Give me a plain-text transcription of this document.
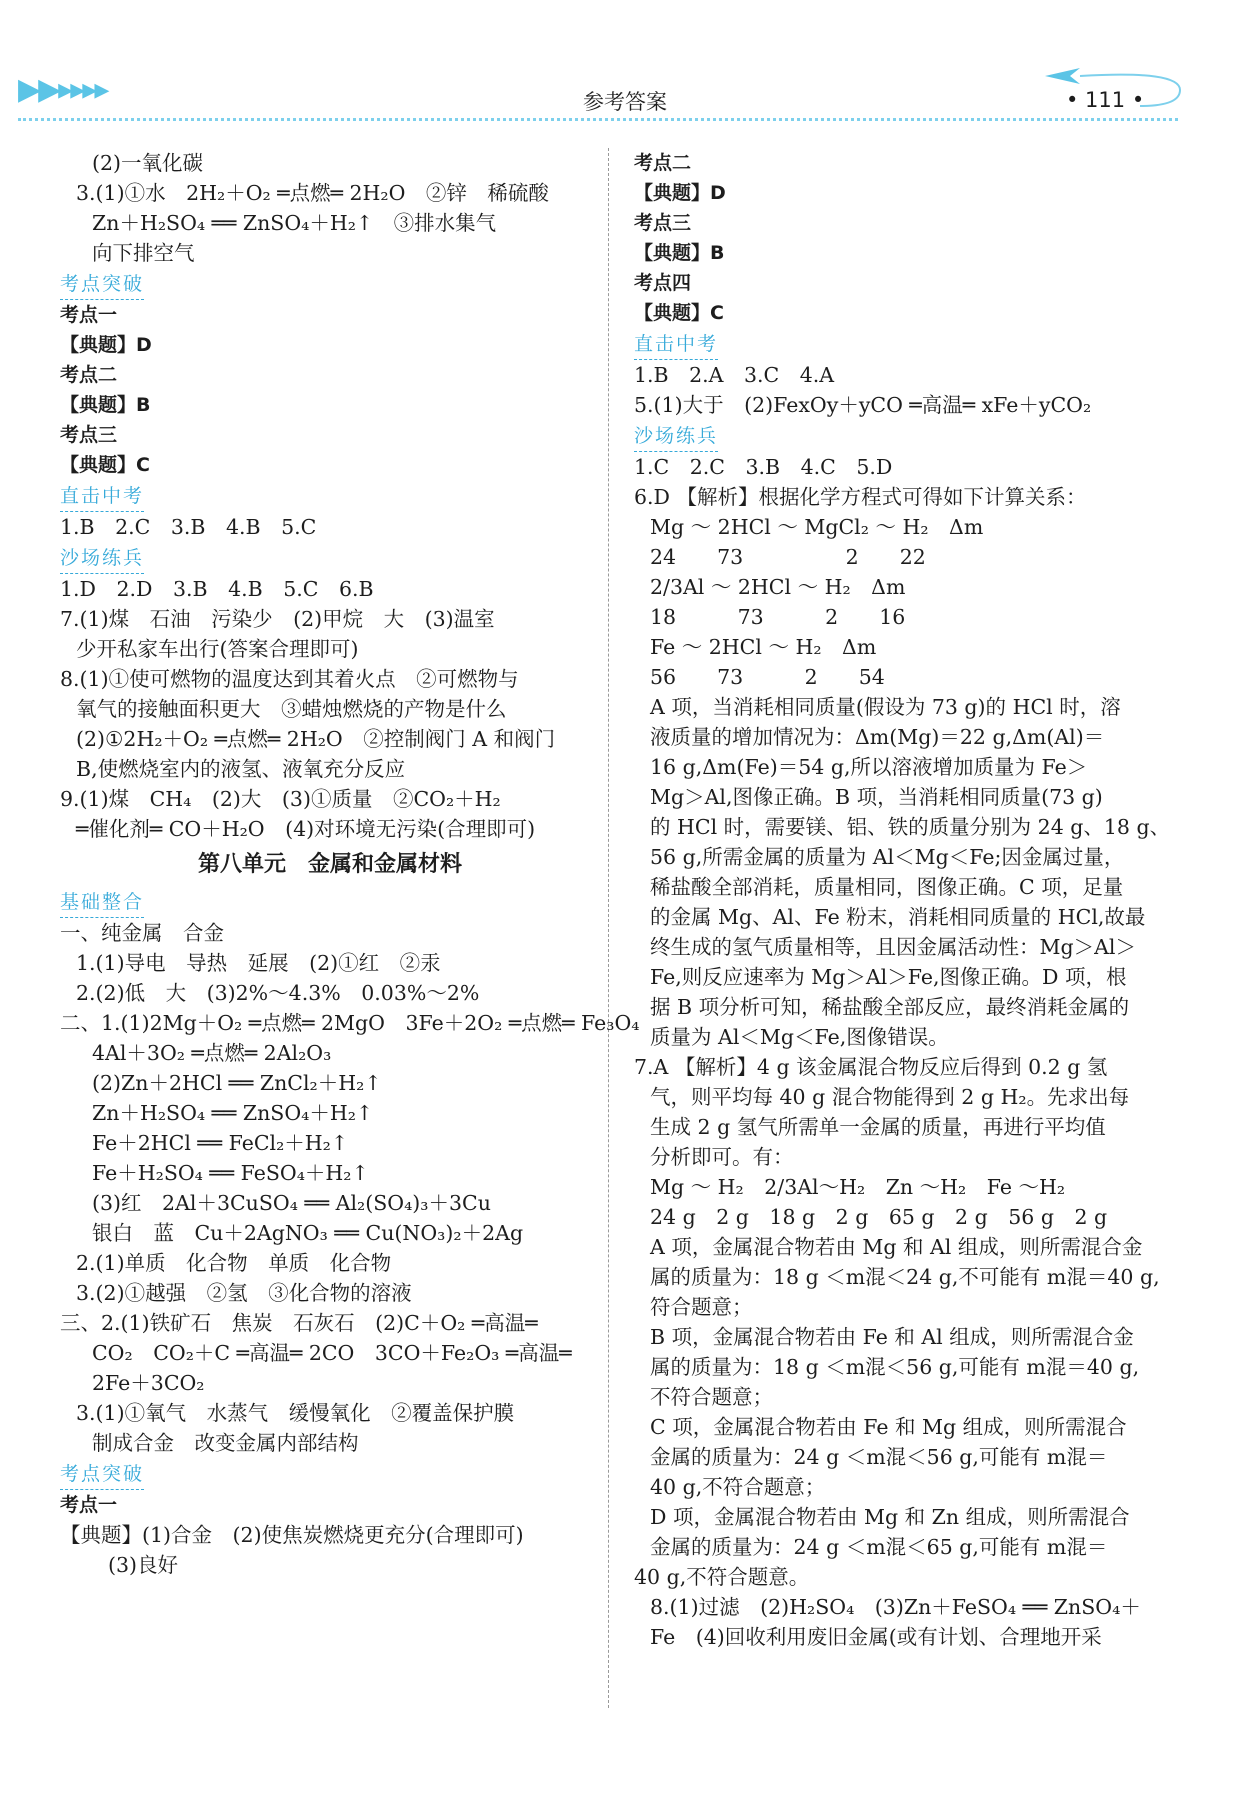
▶▶▸▸▸▸	参考答案	• 111 •
(2)一氧化碳
3.(1)①水　2H₂＋O₂ ═点燃═ 2H₂O　②锌　稀硫酸
Zn＋H₂SO₄ ══ ZnSO₄＋H₂↑　③排水集气
向下排空气
考点突破
考点一
【典题】D
考点二
【典题】B
考点三
【典题】C
直击中考
1.B　2.C　3.B　4.B　5.C
沙场练兵
1.D　2.D　3.B　4.B　5.C　6.B
7.(1)煤　石油　污染少　(2)甲烷　大　(3)温室
少开私家车出行(答案合理即可)
8.(1)①使可燃物的温度达到其着火点　②可燃物与
氧气的接触面积更大　③蜡烛燃烧的产物是什么
(2)①2H₂＋O₂ ═点燃═ 2H₂O　②控制阀门 A 和阀门
B,使燃烧室内的液氢、液氧充分反应
9.(1)煤　CH₄　(2)大　(3)①质量　②CO₂＋H₂
═催化剂═ CO＋H₂O　(4)对环境无污染(合理即可)
第八单元　金属和金属材料
基础整合
一、纯金属　合金
1.(1)导电　导热　延展　(2)①红　②汞
2.(2)低　大　(3)2%～4.3%　0.03%～2%
二、1.(1)2Mg＋O₂ ═点燃═ 2MgO　3Fe＋2O₂ ═点燃═ Fe₃O₄
4Al＋3O₂ ═点燃═ 2Al₂O₃
(2)Zn＋2HCl ══ ZnCl₂＋H₂↑
Zn＋H₂SO₄ ══ ZnSO₄＋H₂↑
Fe＋2HCl ══ FeCl₂＋H₂↑
Fe＋H₂SO₄ ══ FeSO₄＋H₂↑
(3)红　2Al＋3CuSO₄ ══ Al₂(SO₄)₃＋3Cu
银白　蓝　Cu＋2AgNO₃ ══ Cu(NO₃)₂＋2Ag
2.(1)单质　化合物　单质　化合物
3.(2)①越强　②氢　③化合物的溶液
三、2.(1)铁矿石　焦炭　石灰石　(2)C＋O₂ ═高温═
CO₂　CO₂＋C ═高温═ 2CO　3CO＋Fe₂O₃ ═高温═
2Fe＋3CO₂
3.(1)①氧气　水蒸气　缓慢氧化　②覆盖保护膜
制成合金　改变金属内部结构
考点突破
考点一
【典题】(1)合金　(2)使焦炭燃烧更充分(合理即可)
(3)良好
考点二
【典题】D
考点三
【典题】B
考点四
【典题】C
直击中考
1.B　2.A　3.C　4.A
5.(1)大于　(2)FexOy＋yCO ═高温═ xFe＋yCO₂
沙场练兵
1.C　2.C　3.B　4.C　5.D
6.D 【解析】根据化学方程式可得如下计算关系：
Mg ～ 2HCl ～ MgCl₂ ～ H₂　Δm
24　　73　　　　　2　　22
2/3Al ～ 2HCl ～ H₂　Δm
18　　　73　　　2　　16
Fe ～ 2HCl ～ H₂　Δm
56　　73　　　2　　54
A 项，当消耗相同质量(假设为 73 g)的 HCl 时，溶
液质量的增加情况为：Δm(Mg)＝22 g,Δm(Al)＝
16 g,Δm(Fe)＝54 g,所以溶液增加质量为 Fe＞
Mg＞Al,图像正确。B 项，当消耗相同质量(73 g)
的 HCl 时，需要镁、铝、铁的质量分别为 24 g、18 g、
56 g,所需金属的质量为 Al＜Mg＜Fe;因金属过量，
稀盐酸全部消耗，质量相同，图像正确。C 项，足量
的金属 Mg、Al、Fe 粉末，消耗相同质量的 HCl,故最
终生成的氢气质量相等，且因金属活动性：Mg＞Al＞
Fe,则反应速率为 Mg＞Al＞Fe,图像正确。D 项，根
据 B 项分析可知，稀盐酸全部反应，最终消耗金属的
质量为 Al＜Mg＜Fe,图像错误。
7.A 【解析】4 g 该金属混合物反应后得到 0.2 g 氢
气，则平均每 40 g 混合物能得到 2 g H₂。先求出每
生成 2 g 氢气所需单一金属的质量，再进行平均值
分析即可。有：
Mg ～ H₂　2/3Al～H₂　Zn ～H₂　Fe ～H₂
24 g　2 g　18 g　2 g　65 g　2 g　56 g　2 g
A 项，金属混合物若由 Mg 和 Al 组成，则所需混合金
属的质量为：18 g ＜m混＜24 g,不可能有 m混＝40 g,
符合题意；
B 项，金属混合物若由 Fe 和 Al 组成，则所需混合金
属的质量为：18 g ＜m混＜56 g,可能有 m混＝40 g,
不符合题意；
C 项，金属混合物若由 Fe 和 Mg 组成，则所需混合
金属的质量为：24 g ＜m混＜56 g,可能有 m混＝
40 g,不符合题意；
D 项，金属混合物若由 Mg 和 Zn 组成，则所需混合
金属的质量为：24 g ＜m混＜65 g,可能有 m混＝
40 g,不符合题意。
8.(1)过滤　(2)H₂SO₄　(3)Zn＋FeSO₄ ══ ZnSO₄＋
Fe　(4)回收利用废旧金属(或有计划、合理地开采
